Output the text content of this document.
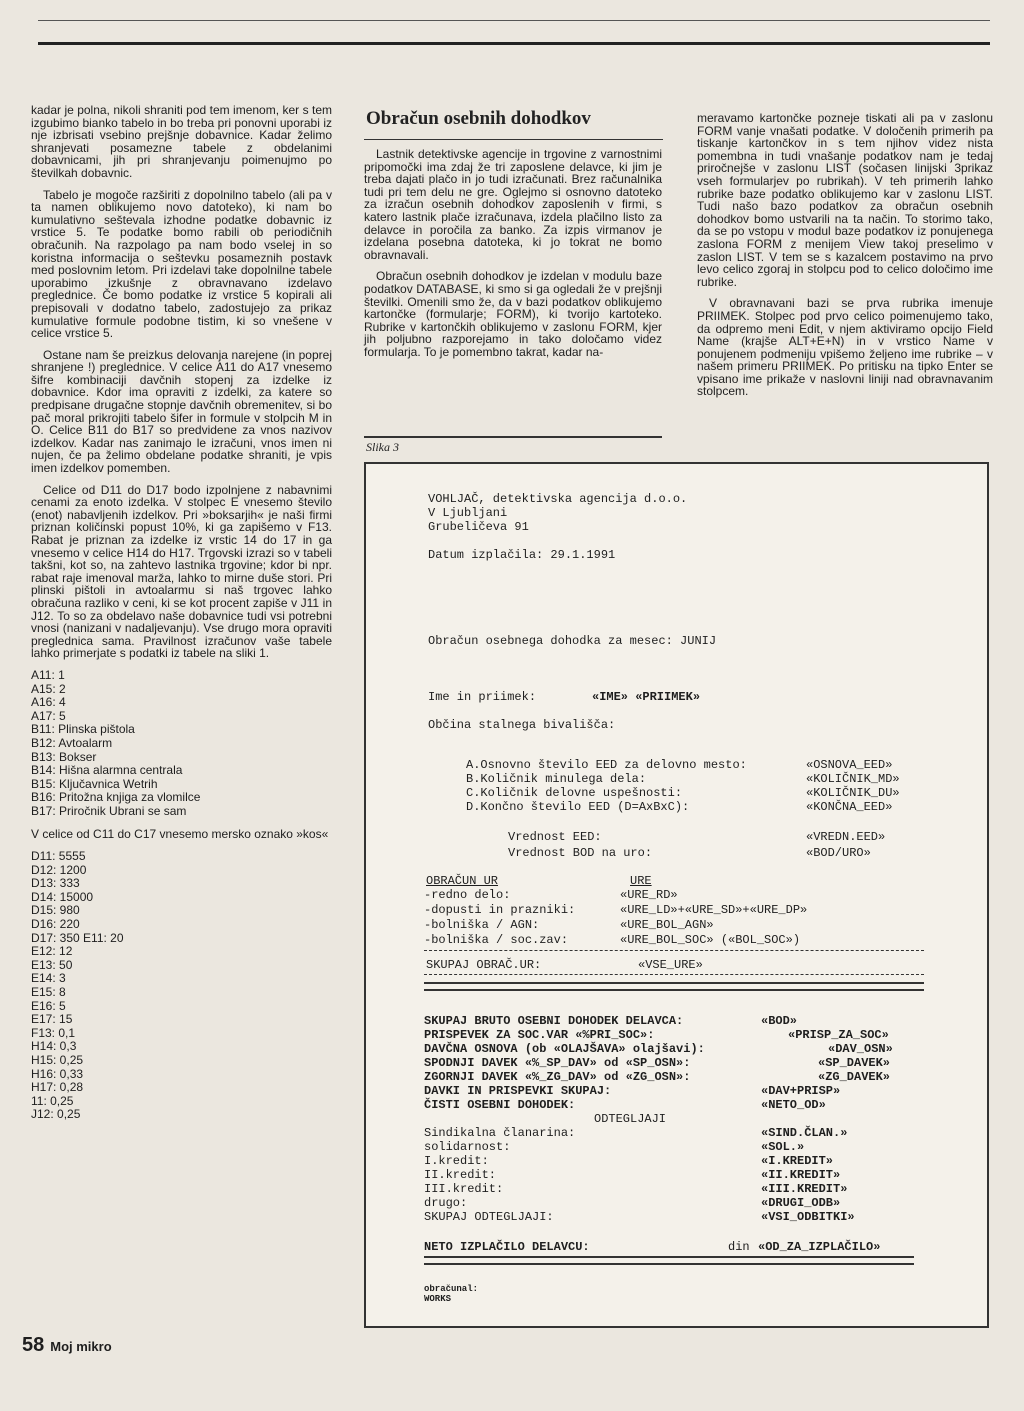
kadar je polna, nikoli shraniti pod tem imenom, ker s tem izgubimo bianko tabelo in bo treba pri ponovni uporabi iz nje izbrisati vsebino prejšnje dobavnice. Kadar želimo shranjevati posamezne tabele z obdelanimi dobavnicami, jih pri shranjevanju poimenujmo po številkah dobavnic.

Tabelo je mogoče razširiti z dopolnilno tabelo (ali pa v ta namen oblikujemo novo datoteko), ki nam bo kumulativno seštevala izhodne podatke dobavnic iz vrstice 5. Te podatke bomo rabili ob periodičnih obračunih. Na razpolago pa nam bodo vselej in so koristna informacija o seštevku posameznih postavk med poslovnim letom. Pri izdelavi take dopolnilne tabele uporabimo izkušnje z obravnavano izdelavo preglednice. Če bomo podatke iz vrstice 5 kopirali ali prepisovali v dodatno tabelo, zadostujejo za prikaz kumulative formule podobne tistim, ki so vnešene v celice vrstice 5.

Ostane nam še preizkus delovanja narejene (in poprej shranjene !) preglednice. V celice A11 do A17 vnesemo šifre kombinaciji davčnih stopenj za izdelke iz dobavnice. Kdor ima opraviti z izdelki, za katere so predpisane drugačne stopnje davčnih obremenitev, si bo pač moral prikrojiti tabelo šifer in formule v stolpcih M in O. Celice B11 do B17 so predvidene za vnos nazivov izdelkov. Kadar nas zanimajo le izračuni, vnos imen ni nujen, če pa želimo obdelane podatke shraniti, je vpis imen izdelkov pomemben.

Celice od D11 do D17 bodo izpolnjene z nabavnimi cenami za enoto izdelka. V stolpec E vnesemo število (enot) nabavljenih izdelkov. Pri »boksarjih« je naši firmi priznan količinski popust 10%, ki ga zapišemo v F13. Rabat je priznan za izdelke iz vrstic 14 do 17 in ga vnesemo v celice H14 do H17. Trgovski izrazi so v tabeli takšni, kot so, na zahtevo lastnika trgovine; kdor bi npr. rabat raje imenoval marža, lahko to mirne duše stori. Pri plinski pištoli in avtoalarmu si naš trgovec lahko obračuna razliko v ceni, ki se kot procent zapiše v J11 in J12. To so za obdelavo naše dobavnice tudi vsi potrebni vnosi (nanizani v nadaljevanju). Vse drugo mora opraviti preglednica sama. Pravilnost izračunov vaše tabele lahko primerjate s podatki iz tabele na sliki 1.

A11: 1
A15: 2
A16: 4
A17: 5
B11: Plinska pištola
B12: Avtoalarm
B13: Bokser
B14: Hišna alarmna centrala
B15: Ključavnica Wetrih
B16: Pritožna knjiga za vlomilce
B17: Priročnik Ubrani se sam

V celice od C11 do C17 vnesemo mersko oznako »kos«

D11: 5555
D12: 1200
D13: 333
D14: 15000
D15: 980
D16: 220
D17: 350 E11: 20
E12: 12
E13: 50
E14: 3
E15: 8
E16: 5
E17: 15
F13: 0,1
H14: 0,3
H15: 0,25
H16: 0,33
H17: 0,28
11: 0,25
J12: 0,25
Obračun osebnih dohodkov

Lastnik detektivske agencije in trgovine z varnostnimi pripomočki ima zdaj že tri zaposlene delavce, ki jim je treba dajati plačo in jo tudi izračunati. Brez računalnika tudi pri tem delu ne gre. Oglejmo si osnovno datoteko za izračun osebnih dohodkov zaposlenih v firmi, s katero lastnik plače izračunava, izdela plačilno listo za delavce in poročila za banko. Za izpis virmanov je izdelana posebna datoteka, ki jo tokrat ne bomo obravnavali.

Obračun osebnih dohodkov je izdelan v modulu baze podatkov DATABASE, ki smo si ga ogledali že v prejšnji številki. Omenili smo že, da v bazi podatkov oblikujemo kartončke (formularje; FORM), ki tvorijo kartoteko. Rubrike v kartončkih oblikujemo v zaslonu FORM, kjer jih poljubno razporejamo in tako določamo videz formularja. To je pomembno takrat, kadar na-

Slika 3

meravamo kartončke pozneje tiskati ali pa v zaslonu FORM vanje vnašati podatke. V določenih primerih pa tiskanje kartončkov in s tem njihov videz nista pomembna in tudi vnašanje podatkov nam je tedaj priročnejše v zaslonu LIST (sočasen linijski 3prikaz vseh formularjev po rubrikah). V teh primerih lahko rubrike baze podatko oblikujemo kar v zaslonu LIST. Tudi našo bazo podatkov za obračun osebnih dohodkov bomo ustvarili na ta način. To storimo tako, da se po vstopu v modul baze podatkov iz ponujenega zaslona FORM z menijem View takoj preselimo v zaslon LIST. V tem se s kazalcem postavimo na prvo levo celico zgoraj in stolpcu pod to celico določimo ime rubrike.

V obravnavani bazi se prva rubrika imenuje PRIIMEK. Stolpec pod prvo celico poimenujemo tako, da odpremo meni Edit, v njem aktiviramo opcijo Field Name (krajše ALT+E+N) in v vrstico Name v ponujenem podmeniju vpišemo željeno ime rubrike – v našem primeru PRIIMEK. Po pritisku na tipko Enter se vpisano ime prikaže v naslovni liniji nad obravnavanim stolpcem.

VOHLJAČ, detektivska agencija d.o.o.
V Ljubljani
Grubeličeva 91
Datum izplačila: 29.1.1991
Obračun osebnega dohodka za mesec: JUNIJ
Ime in priimek:	«IME» «PRIIMEK»
Občina stalnega bivališča:
A.Osnovno število EED za delovno mesto:	«OSNOVA_EED»
B.Količnik minulega dela:	«KOLIČNIK_MD»
C.Količnik delovne uspešnosti:	«KOLIČNIK_DU»
D.Končno število EED (D=AxBxC):	«KONČNA_EED»
Vrednost EED:	«VREDN.EED»
Vrednost BOD na uro:	«BOD/URO»
OBRAČUN UR	URE
-redno delo:	«URE_RD»
-dopusti in prazniki:	«URE_LD»+«URE_SD»+«URE_DP»
-bolniška / AGN:	«URE_BOL_AGN»
-bolniška / soc.zav:	«URE_BOL_SOC» («BOL_SOC»)
SKUPAJ OBRAČ.UR:	«VSE_URE»
SKUPAJ BRUTO OSEBNI DOHODEK DELAVCA:	«BOD»
PRISPEVEK ZA SOC.VAR «%PRI_SOC»:	«PRISP_ZA_SOC»
DAVČNA OSNOVA (ob «OLAJŠAVA» olajšavi):	«DAV_OSN»
SPODNJI DAVEK «%_SP_DAV» od «SP_OSN»:	«SP_DAVEK»
ZGORNJI DAVEK «%_ZG_DAV» od «ZG_OSN»:	«ZG_DAVEK»
DAVKI IN PRISPEVKI SKUPAJ:	«DAV+PRISP»
ČISTI OSEBNI DOHODEK:	«NETO_OD»
ODTEGLJAJI
Sindikalna članarina:	«SIND.ČLAN.»
solidarnost:	«SOL.»
I.kredit:	«I.KREDIT»
II.kredit:	«II.KREDIT»
III.kredit:	«III.KREDIT»
drugo:	«DRUGI_ODB»
SKUPAJ ODTEGLJAJI:	«VSI_ODBITKI»
NETO IZPLAČILO DELAVCU:	din «OD_ZA_IZPLAČILO»
obračunal:
WORKS
58 Moj mikro
